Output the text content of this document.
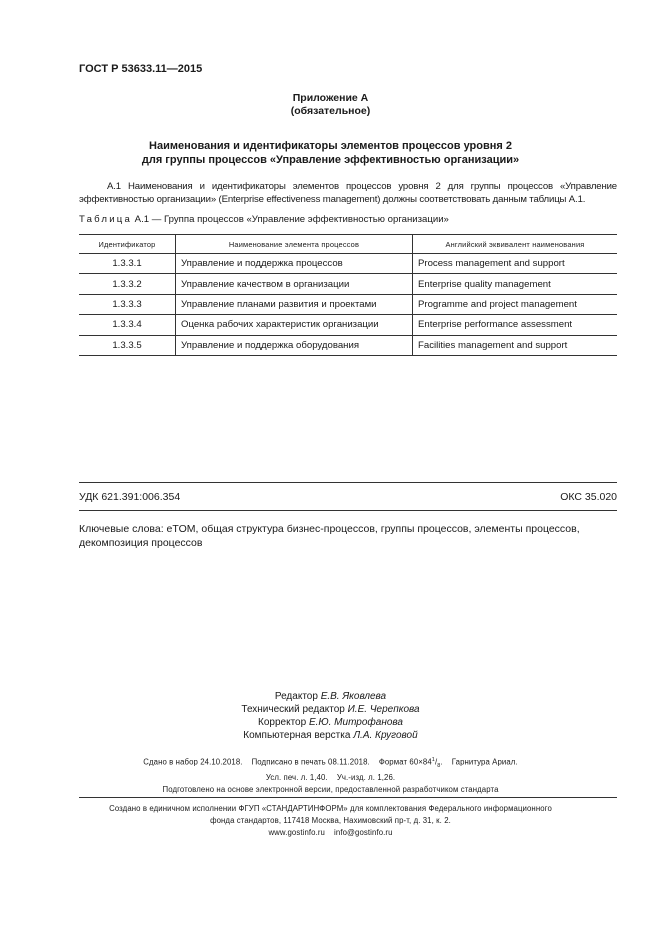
ГОСТ Р 53633.11—2015
Приложение А
(обязательное)
Наименования и идентификаторы элементов процессов уровня 2
для группы процессов «Управление эффективностью организации»
А.1 Наименования и идентификаторы элементов процессов уровня 2 для группы процессов «Управление эффективностью организации» (Enterprise effectiveness management) должны соответствовать данным таблицы А.1.
Таблица А.1 — Группа процессов «Управление эффективностью организации»
Идентификатор	Наименование элемента процессов	Английский эквивалент наименования
1.3.3.1	Управление и поддержка процессов	Process management and support
1.3.3.2	Управление качеством в организации	Enterprise quality management
1.3.3.3	Управление планами развития и проектами	Programme and project management
1.3.3.4	Оценка рабочих характеристик организации	Enterprise performance assessment
1.3.3.5	Управление и поддержка оборудования	Facilities management and support
УДК 621.391:006.354	ОКС 35.020
Ключевые слова: eTOM, общая структура бизнес-процессов, группы процессов, элементы процессов, декомпозиция процессов
Редактор Е.В. Яковлева
Технический редактор И.Е. Черепкова
Корректор Е.Ю. Митрофанова
Компьютерная верстка Л.А. Круговой
Сдано в набор 24.10.2018.    Подписано в печать 08.11.2018.    Формат $60\times 84^1/_8$.    Гарнитура Ариал.
Усл. печ. л. 1,40.    Уч.-изд. л. 1,26.
Подготовлено на основе электронной версии, предоставленной разработчиком стандарта
Создано в единичном исполнении ФГУП «СТАНДАРТИНФОРМ» для комплектования Федерального информационного
фонда стандартов, 117418 Москва, Нахимовский пр-т, д. 31, к. 2.
www.gostinfo.ru    info@gostinfo.ru
